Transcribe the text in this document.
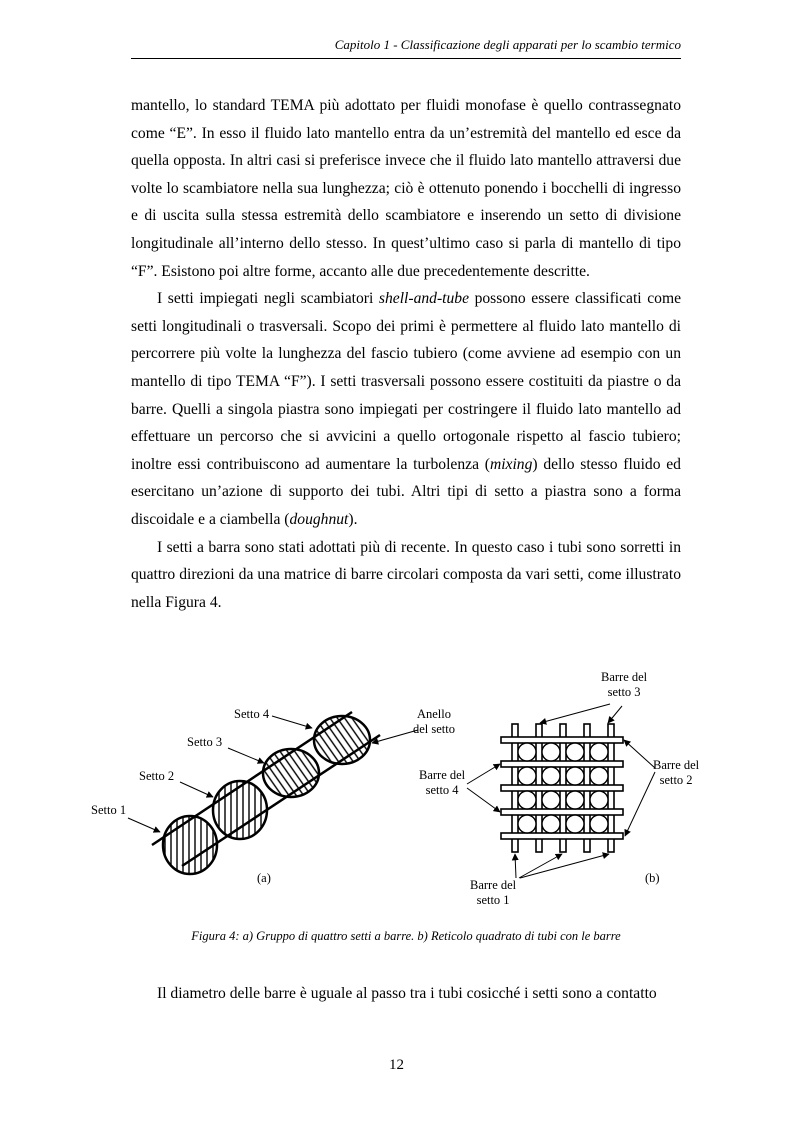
Capitolo 1 - Classificazione degli apparati per lo scambio termico

mantello, lo standard TEMA più adottato per fluidi monofase è quello contrassegnato come “E”. In esso il fluido lato mantello entra da un’estremità del mantello ed esce da quella opposta. In altri casi si preferisce invece che il fluido lato mantello attraversi due volte lo scambiatore nella sua lunghezza; ciò è ottenuto ponendo i bocchelli di ingresso e di uscita sulla stessa estremità dello scambiatore e inserendo un setto di divisione longitudinale all’interno dello stesso. In quest’ultimo caso si parla di mantello di tipo “F”. Esistono poi altre forme, accanto alle due precedentemente descritte.

I setti impiegati negli scambiatori shell-and-tube possono essere classificati come setti longitudinali o trasversali. Scopo dei primi è permettere al fluido lato mantello di percorrere più volte la lunghezza del fascio tubiero (come avviene ad esempio con un mantello di tipo TEMA “F”). I setti trasversali possono essere costituiti da piastre o da barre. Quelli a singola piastra sono impiegati per costringere il fluido lato mantello ad effettuare un percorso che si avvicini a quello ortogonale rispetto al fascio tubiero; inoltre essi contribuiscono ad aumentare la turbolenza (mixing) dello stesso fluido ed esercitano un’azione di supporto dei tubi. Altri tipi di setto a piastra sono a forma discoidale e a ciambella (doughnut).

I setti a barra sono stati adottati più di recente. In questo caso i tubi sono sorretti in quattro direzioni da una matrice di barre circolari composta da vari setti, come illustrato nella Figura 4.

Setto 1
Setto 2
Setto 3
Setto 4	Anello
del setto
(a)
Barre del
setto 3
Barre del
setto 2
Barre del
setto 4
Barre del
setto 1
(b)
Figura 4: a) Gruppo di quattro setti a barre. b) Reticolo quadrato di tubi con le barre

Il diametro delle barre è uguale al passo tra i tubi cosicché i setti sono a contatto

12
